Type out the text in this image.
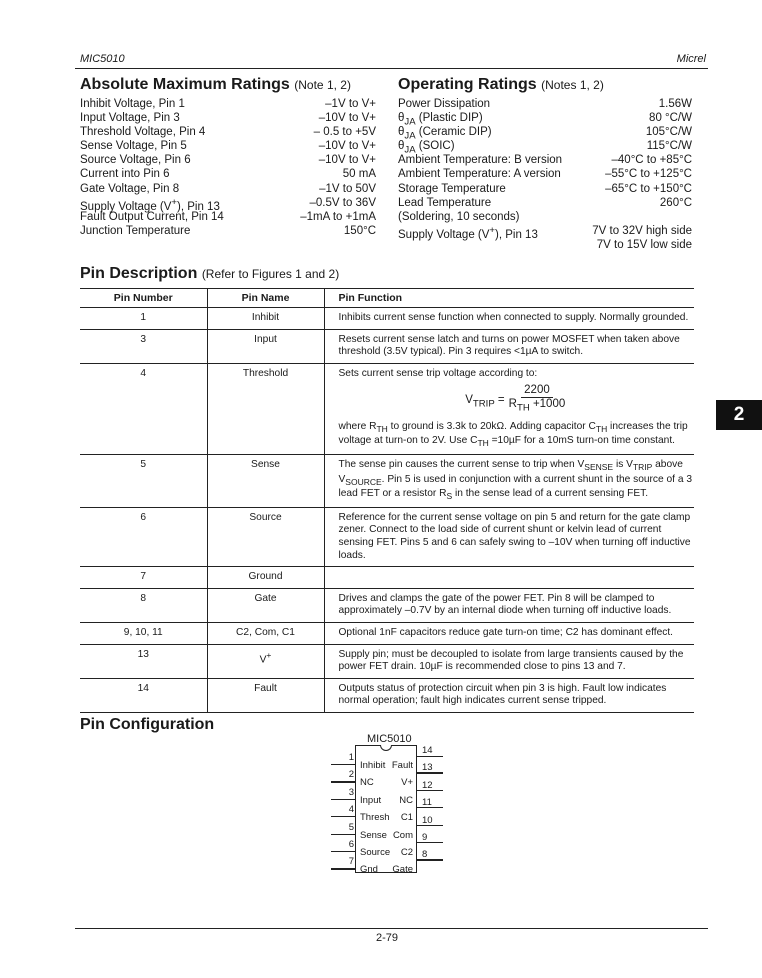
MIC5010	Micrel
Absolute Maximum Ratings (Note 1, 2)
Inhibit Voltage, Pin 1	–1V to V+
Input Voltage, Pin 3	–10V to V+
Threshold Voltage, Pin 4	– 0.5 to +5V
Sense Voltage, Pin 5	–10V to V+
Source Voltage, Pin 6	–10V to V+
Current into Pin 6	50 mA
Gate Voltage, Pin 8	–1V to 50V
Supply Voltage (V+), Pin 13	–0.5V to 36V
Fault Output Current, Pin 14	–1mA to +1mA
Junction Temperature	150°C
Operating Ratings (Notes 1, 2)
Power Dissipation	1.56W
$\theta_{JA}$ (Plastic DIP)	80 °C/W
$\theta_{JA}$ (Ceramic DIP)	105°C/W
$\theta_{JA}$ (SOIC)	115°C/W
Ambient Temperature: B version	–40°C to +85°C
Ambient Temperature: A version	–55°C to +125°C
Storage Temperature	–65°C to +150°C
Lead Temperature	260°C
(Soldering, 10 seconds)
Supply Voltage (V+), Pin 13	7V to 32V high side
7V to 15V low side
Pin Description (Refer to Figures 1 and 2)
Pin Number	Pin Name	Pin Function
1	Inhibit	Inhibits current sense function when connected to supply. Normally grounded.

3	Input	Resets current sense latch and turns on power MOSFET when taken above threshold (3.5V typical). Pin 3 requires <1µA to switch.

4	Threshold	Sets current sense trip voltage according to:
$V_{TRIP} = \frac{2200}{R_{TH} +1000}$
where $R_{TH}$ to ground is 3.3k to 20kΩ. Adding capacitor $C_{TH}$ increases the trip voltage at turn-on to 2V. Use $C_{TH} =10\mu F$ for a 10mS turn-on time constant.

5	Sense	The sense pin causes the current sense to trip when $V_{SENSE}$ is $V_{TRIP}$ above $V_{SOURCE}$. Pin 5 is used in conjunction with a current shunt in the source of a 3 lead FET or a resistor $R_S$ in the sense lead of a current sensing FET.

6	Source	Reference for the current sense voltage on pin 5 and return for the gate clamp zener. Connect to the load side of current shunt or kelvin lead of current sensing FET. Pins 5 and 6 can safely swing to –10V when turning off inductive loads.

7	Ground	

8	Gate	Drives and clamps the gate of the power FET. Pin 8 will be clamped to approximately –0.7V by an internal diode when turning off inductive loads.

9, 10, 11	C2, Com, C1	Optional 1nF capacitors reduce gate turn-on time; C2 has dominant effect.

13	V+	Supply pin; must be decoupled to isolate from large transients caused by the power FET drain. 10µF is recommended close to pins 13 and 7.

14	Fault	Outputs status of protection circuit when pin 3 is high. Fault low indicates normal operation; fault high indicates current sense tripped.
2
Pin Configuration
MIC5010
1
Inhibit
2
NC
3
Input
4
Thresh
5
Sense
6
Source
7
Gnd
14
Fault 13
V+ 12
NC 11
C1 10
Com 9
C2 8
Gate
2-79
